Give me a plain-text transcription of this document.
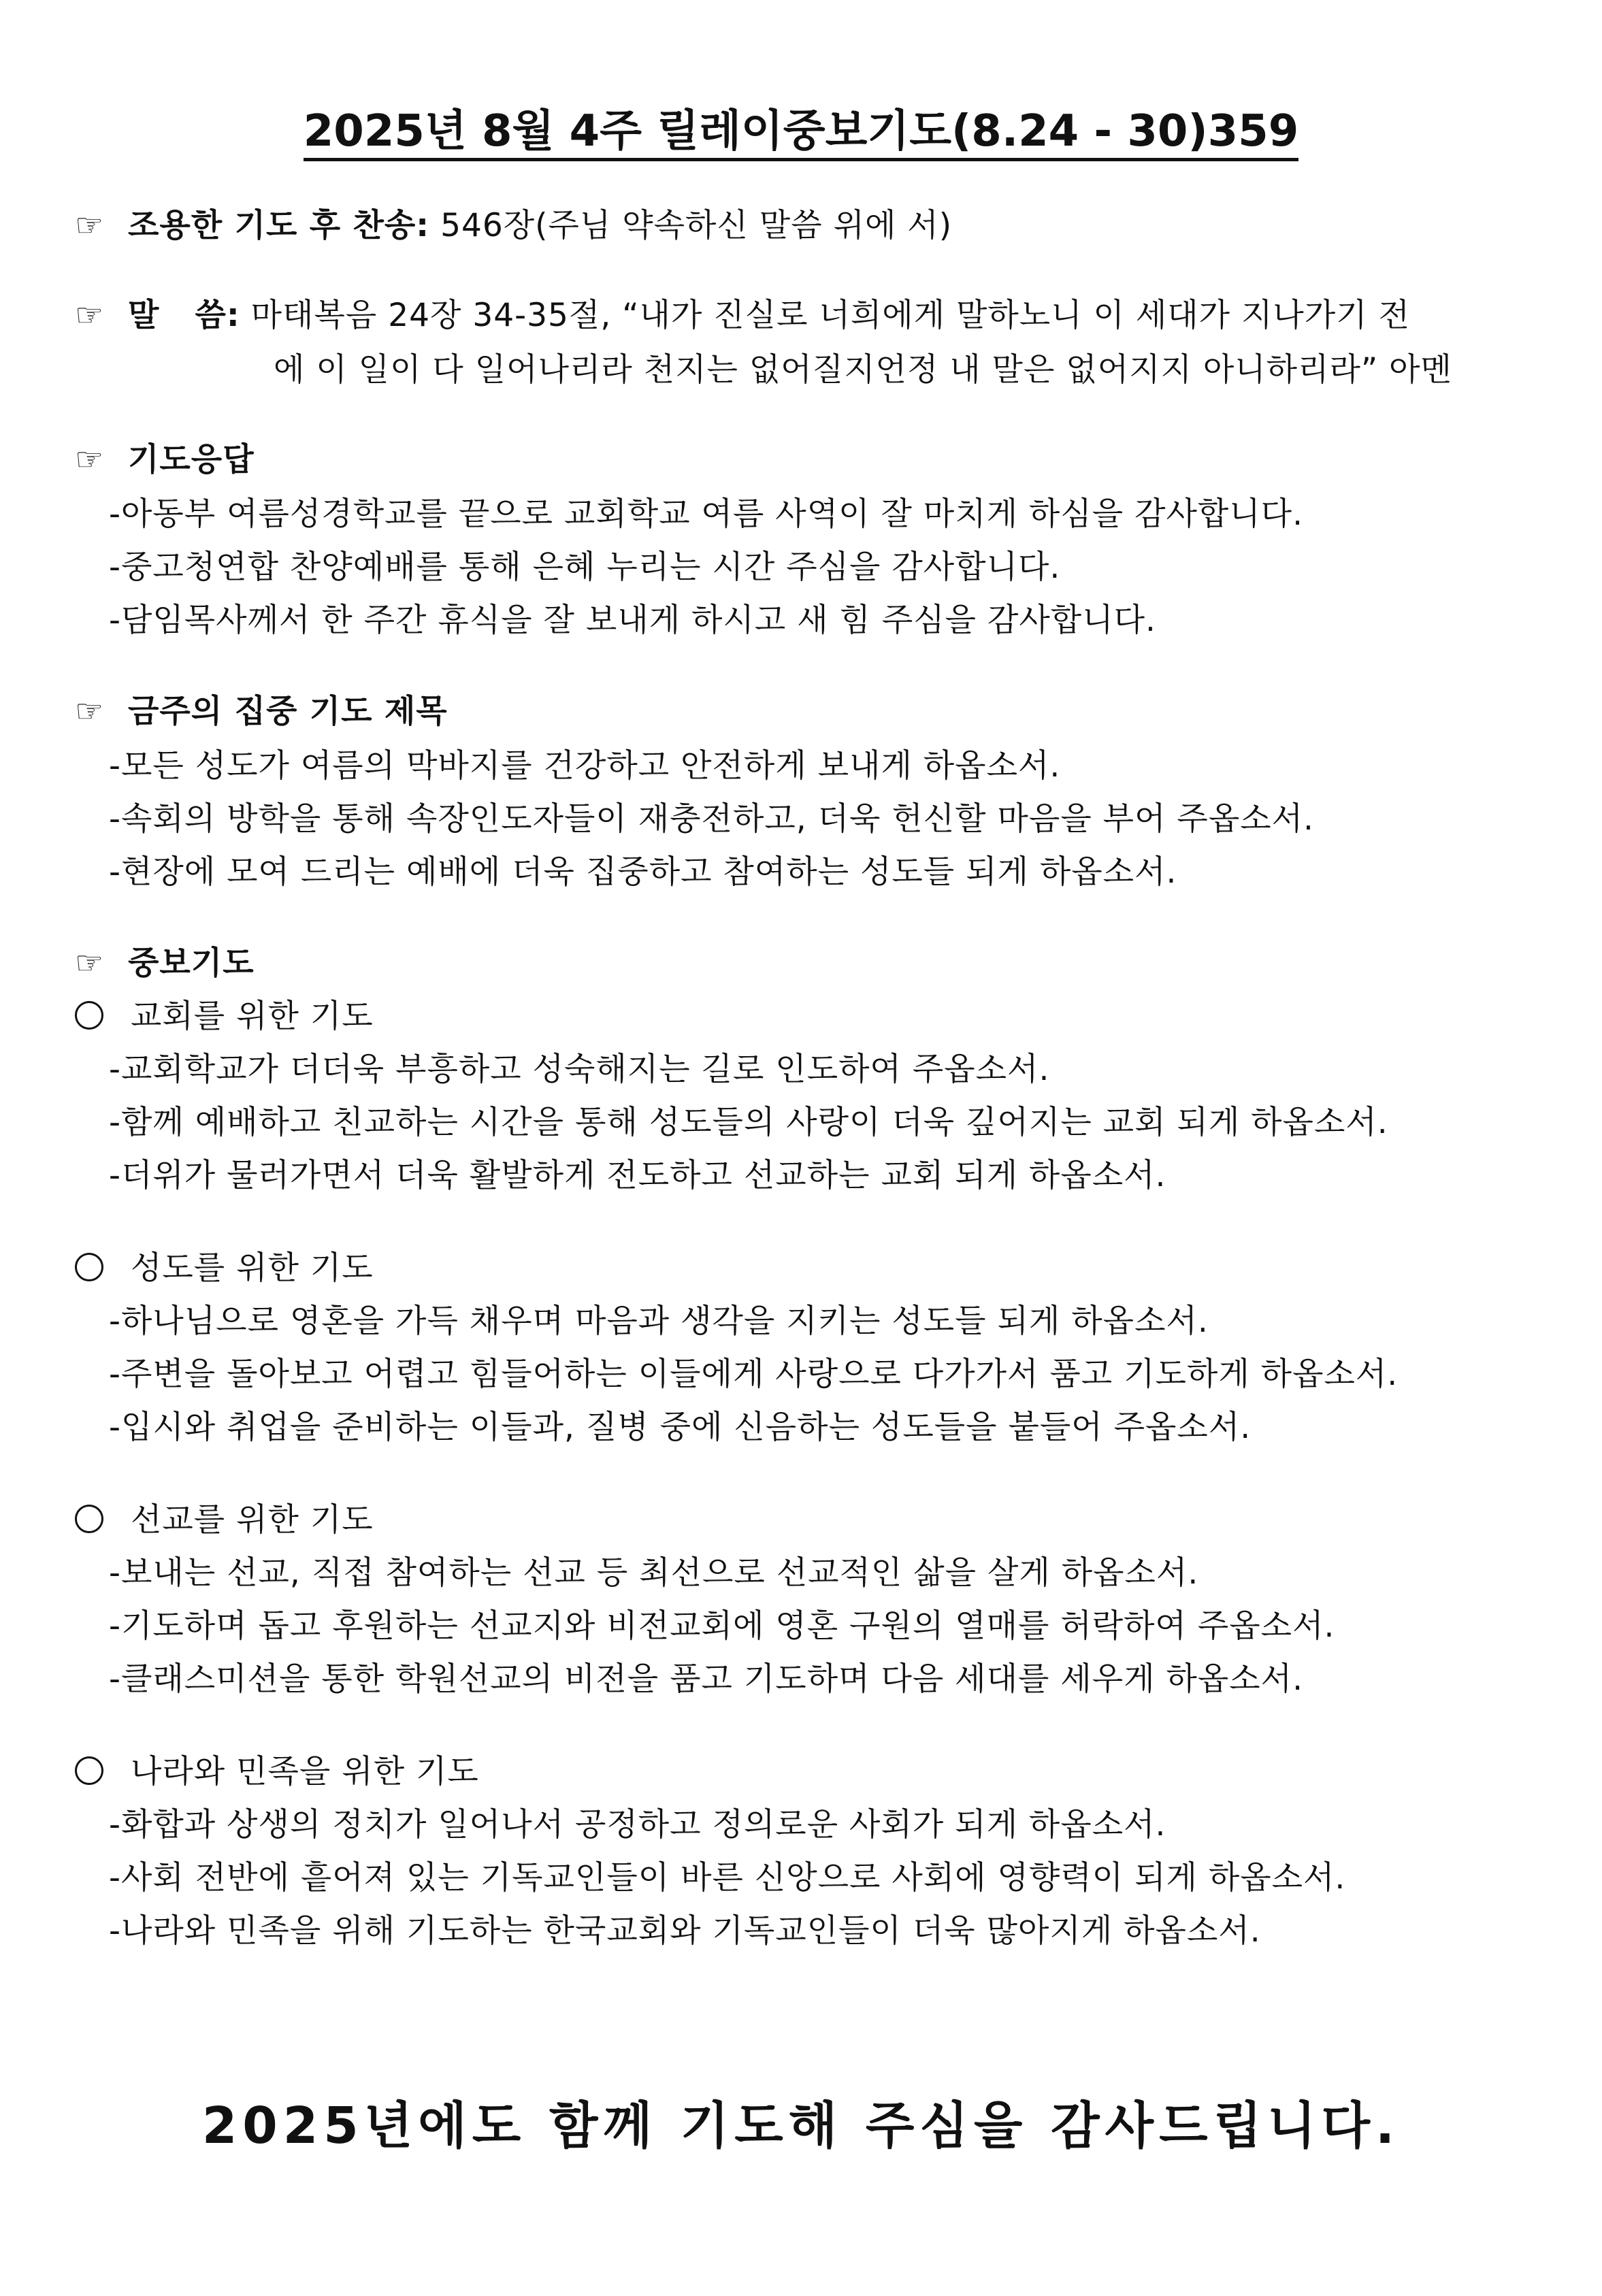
2025년 8월 4주 릴레이중보기도(8.24 - 30)359
☞ 조용한 기도 후 찬송: 546장(주님 약속하신 말씀 위에 서)
☞ 말   씀: 마태복음 24장 34-35절, “내가 진실로 너희에게 말하노니 이 세대가 지나가기 전
에 이 일이 다 일어나리라 천지는 없어질지언정 내 말은 없어지지 아니하리라” 아멘
☞ 기도응답
-아동부 여름성경학교를 끝으로 교회학교 여름 사역이 잘 마치게 하심을 감사합니다.
-중고청연합 찬양예배를 통해 은혜 누리는 시간 주심을 감사합니다.
-담임목사께서 한 주간 휴식을 잘 보내게 하시고 새 힘 주심을 감사합니다.
☞ 금주의 집중 기도 제목
-모든 성도가 여름의 막바지를 건강하고 안전하게 보내게 하옵소서.
-속회의 방학을 통해 속장인도자들이 재충전하고, 더욱 헌신할 마음을 부어 주옵소서.
-현장에 모여 드리는 예배에 더욱 집중하고 참여하는 성도들 되게 하옵소서.
☞ 중보기도
교회를 위한 기도
-교회학교가 더더욱 부흥하고 성숙해지는 길로 인도하여 주옵소서.
-함께 예배하고 친교하는 시간을 통해 성도들의 사랑이 더욱 깊어지는 교회 되게 하옵소서.
-더위가 물러가면서 더욱 활발하게 전도하고 선교하는 교회 되게 하옵소서.
성도를 위한 기도
-하나님으로 영혼을 가득 채우며 마음과 생각을 지키는 성도들 되게 하옵소서.
-주변을 돌아보고 어렵고 힘들어하는 이들에게 사랑으로 다가가서 품고 기도하게 하옵소서.
-입시와 취업을 준비하는 이들과, 질병 중에 신음하는 성도들을 붙들어 주옵소서.
선교를 위한 기도
-보내는 선교, 직접 참여하는 선교 등 최선으로 선교적인 삶을 살게 하옵소서.
-기도하며 돕고 후원하는 선교지와 비전교회에 영혼 구원의 열매를 허락하여 주옵소서.
-클래스미션을 통한 학원선교의 비전을 품고 기도하며 다음 세대를 세우게 하옵소서.
나라와 민족을 위한 기도
-화합과 상생의 정치가 일어나서 공정하고 정의로운 사회가 되게 하옵소서.
-사회 전반에 흩어져 있는 기독교인들이 바른 신앙으로 사회에 영향력이 되게 하옵소서.
-나라와 민족을 위해 기도하는 한국교회와 기독교인들이 더욱 많아지게 하옵소서.
2025년에도 함께 기도해 주심을 감사드립니다.
